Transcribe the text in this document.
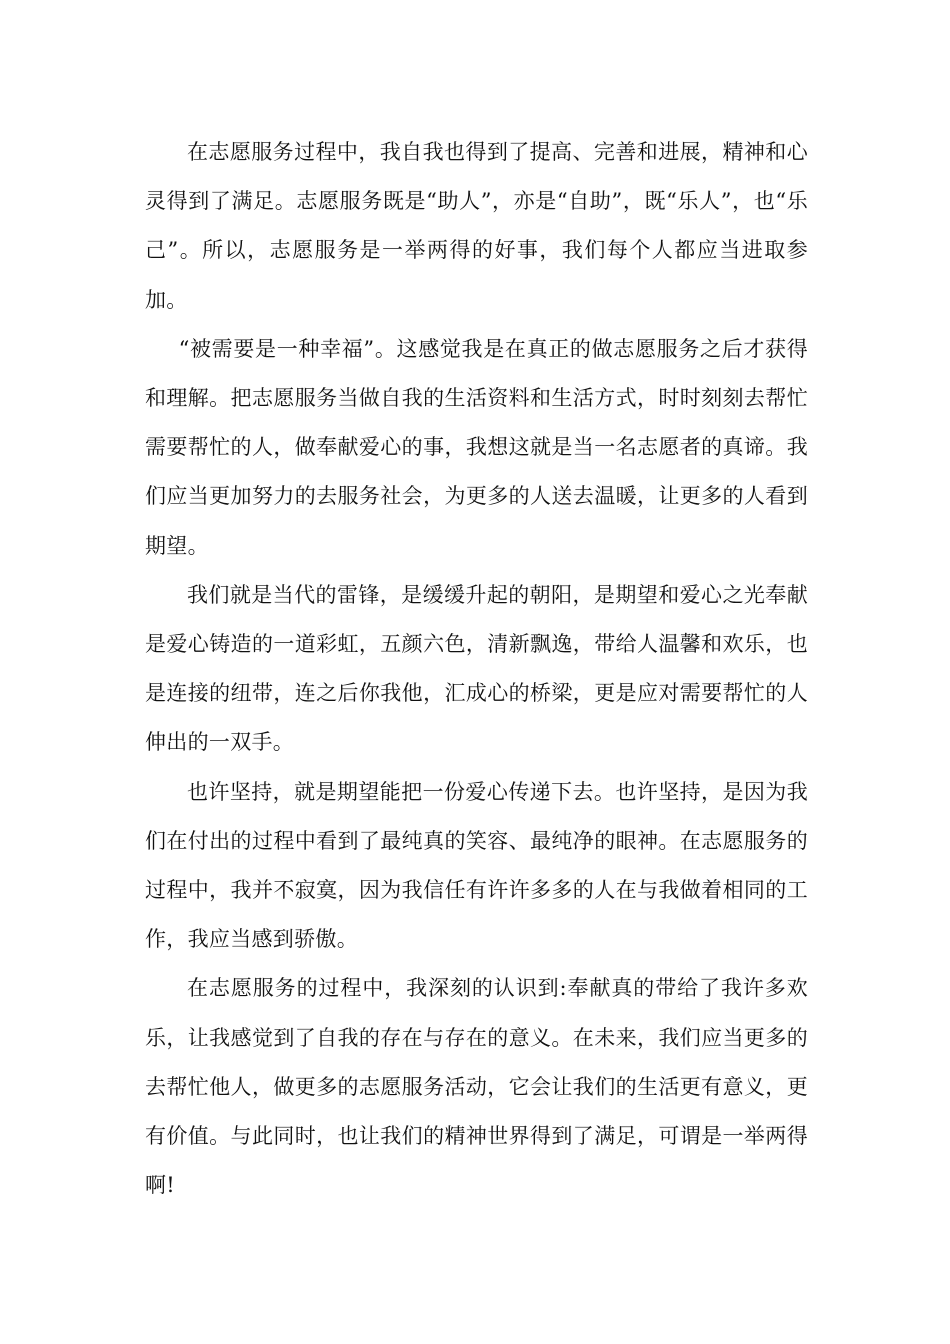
在志愿服务过程中，我自我也得到了提高、完善和进展，精神和心灵得到了满足。志愿服务既是“助人”，亦是“自助”，既“乐人”，也“乐己”。所以，志愿服务是一举两得的好事，我们每个人都应当进取参加。

“被需要是一种幸福”。这感觉我是在真正的做志愿服务之后才获得和理解。把志愿服务当做自我的生活资料和生活方式，时时刻刻去帮忙需要帮忙的人，做奉献爱心的事，我想这就是当一名志愿者的真谛。我们应当更加努力的去服务社会，为更多的人送去温暖，让更多的人看到期望。

我们就是当代的雷锋，是缓缓升起的朝阳，是期望和爱心之光奉献是爱心铸造的一道彩虹，五颜六色，清新飘逸，带给人温馨和欢乐，也是连接的纽带，连之后你我他，汇成心的桥梁，更是应对需要帮忙的人伸出的一双手。

也许坚持，就是期望能把一份爱心传递下去。也许坚持，是因为我们在付出的过程中看到了最纯真的笑容、最纯净的眼神。在志愿服务的过程中，我并不寂寞，因为我信任有许许多多的人在与我做着相同的工作，我应当感到骄傲。

在志愿服务的过程中，我深刻的认识到:奉献真的带给了我许多欢乐，让我感觉到了自我的存在与存在的意义。在未来，我们应当更多的去帮忙他人，做更多的志愿服务活动，它会让我们的生活更有意义，更有价值。与此同时，也让我们的精神世界得到了满足，可谓是一举两得啊!
